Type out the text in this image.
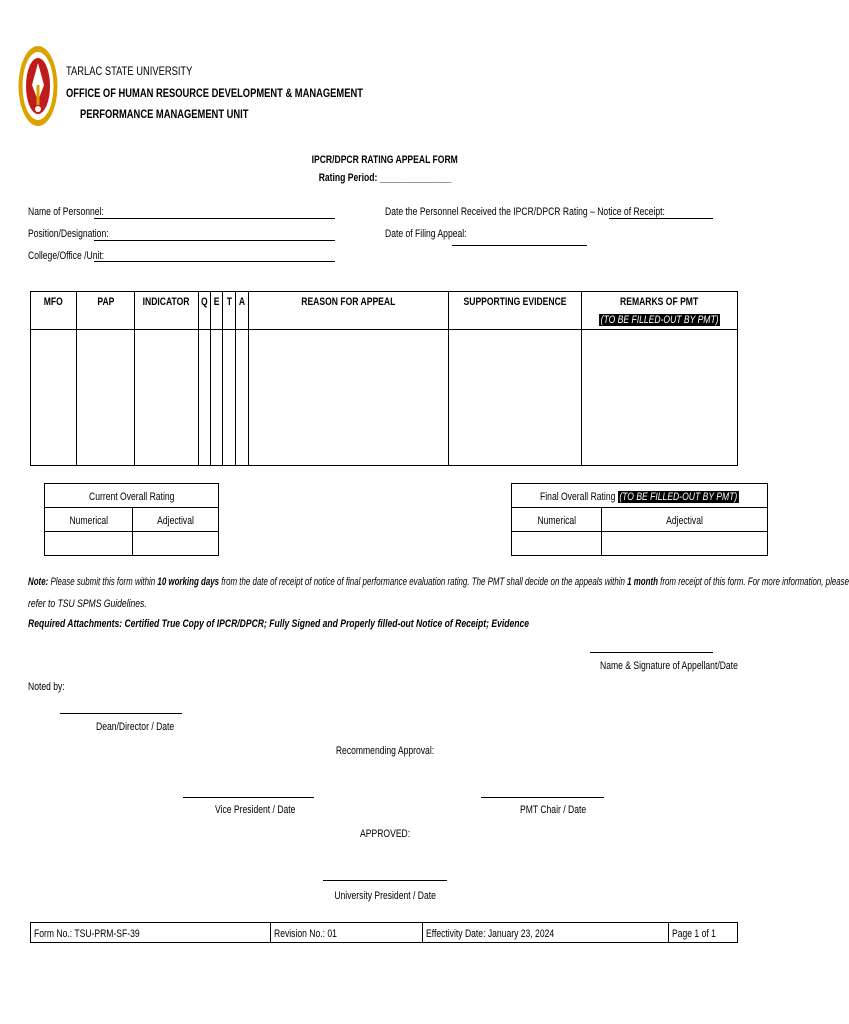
TARLAC STATE UNIVERSITY
OFFICE OF HUMAN RESOURCE DEVELOPMENT & MANAGEMENT
PERFORMANCE MANAGEMENT UNIT
IPCR/DPCR RATING APPEAL FORM
Rating Period: _______________
Name of Personnel:
Position/Designation:
College/Office /Unit:
Date the Personnel Received the IPCR/DPCR Rating – Notice of Receipt:
Date of Filing Appeal:
MFO	PAP	INDICATOR	Q	E	T	A	REASON FOR APPEAL	SUPPORTING EVIDENCE	REMARKS OF PMT
(TO BE FILLED-OUT BY PMT)

Current Overall Rating	
Numerical	Adjectival

Final Overall Rating (TO BE FILLED-OUT BY PMT)	
Numerical	Adjectival

Note: Please submit this form within 10 working days from the date of receipt of notice of final performance evaluation rating. The PMT shall decide on the appeals within 1 month from receipt of this form. For more information, please
refer to TSU SPMS Guidelines.
Required Attachments: Certified True Copy of IPCR/DPCR; Fully Signed and Properly filled-out Notice of Receipt; Evidence
Name & Signature of Appellant/Date
Noted by:
Dean/Director / Date
Recommending Approval:
Vice President / Date	PMT Chair / Date
APPROVED:
University President / Date
Form No.: TSU-PRM-SF-39	Revision No.: 01	Effectivity Date: January 23, 2024	Page 1 of 1
